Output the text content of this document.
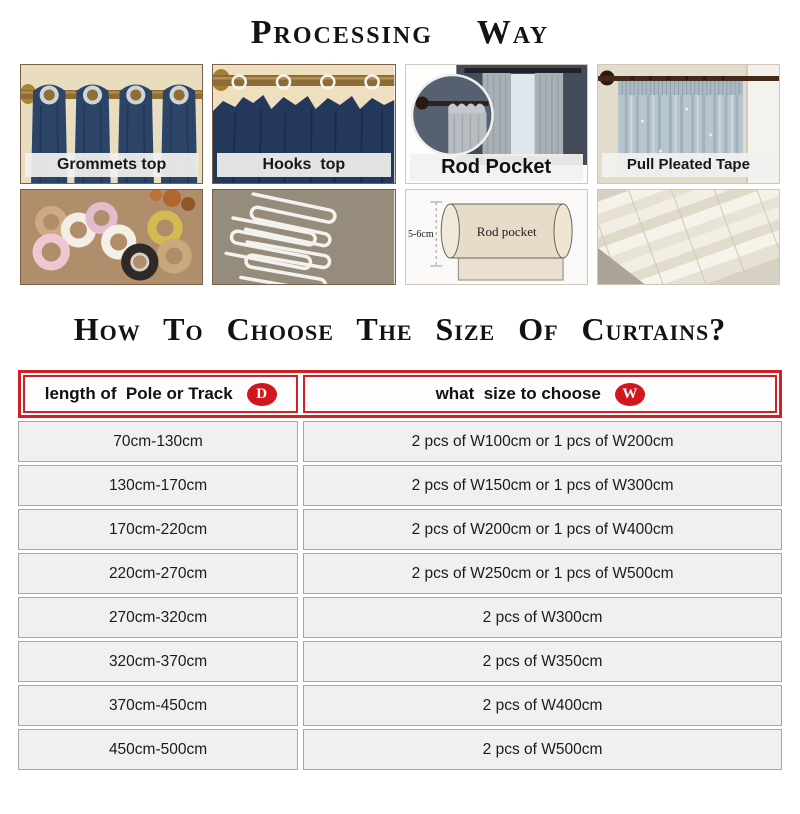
Processing Way
Grommets top	Hooks  top	Rod Pocket
5-6cm	Rod pocket
Pull Pleated Tape
How To Choose The Size Of Curtains?
length of  Pole or Track	D	what  size to choose	W
70cm-130cm	2 pcs of W100cm or 1 pcs of W200cm
130cm-170cm	2 pcs of W150cm or 1 pcs of W300cm
170cm-220cm	2 pcs of W200cm or 1 pcs of W400cm
220cm-270cm	2 pcs of W250cm or 1 pcs of W500cm
270cm-320cm	2 pcs of W300cm
320cm-370cm	2 pcs of W350cm
370cm-450cm	2 pcs of W400cm
450cm-500cm	2 pcs of W500cm
